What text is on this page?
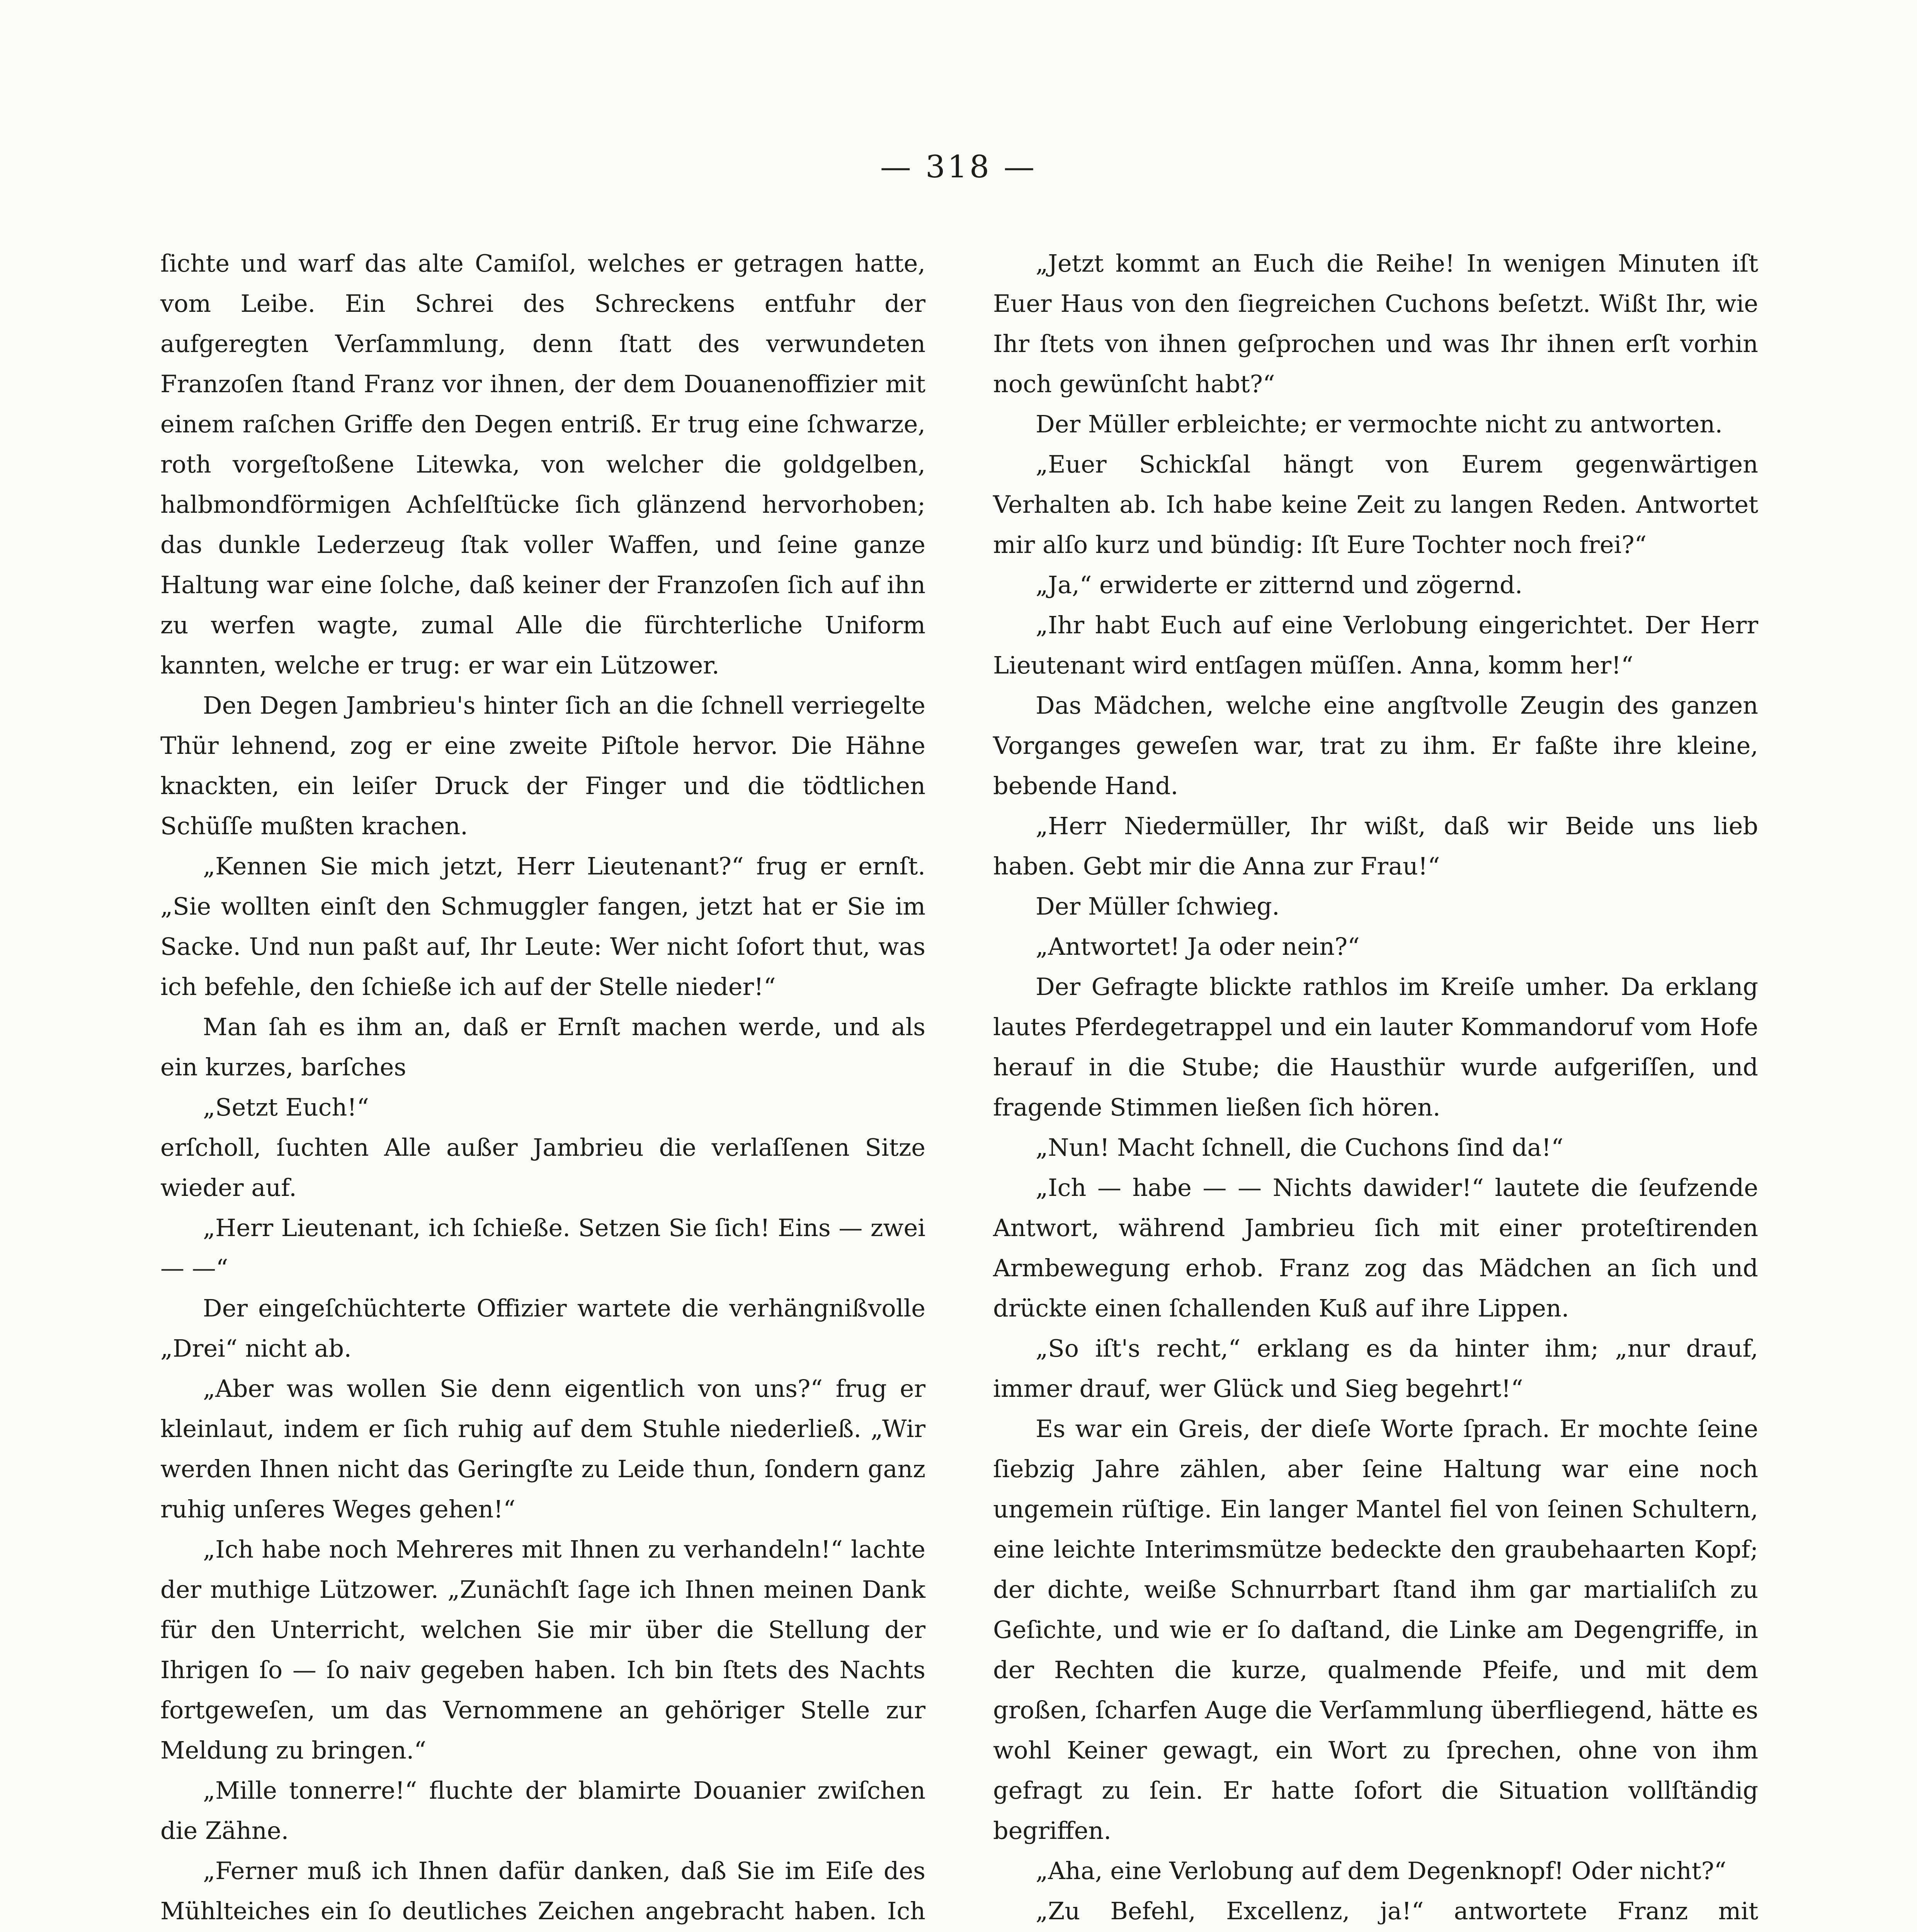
— 318 —

ſichte und warf das alte Camiſol, welches er getragen hatte, vom Leibe. Ein Schrei des Schreckens entfuhr der aufgeregten Verſammlung, denn ſtatt des verwundeten Franzoſen ſtand Franz vor ihnen, der dem Douanenoffizier mit einem raſchen Griffe den Degen entriß. Er trug eine ſchwarze, roth vorgeſtoßene Litewka, von welcher die goldgelben, halbmondförmigen Achſelſtücke ſich glänzend hervorhoben; das dunkle Lederzeug ſtak voller Waffen, und ſeine ganze Haltung war eine ſolche, daß keiner der Franzoſen ſich auf ihn zu werfen wagte, zumal Alle die fürchterliche Uniform kannten, welche er trug: er war ein Lützower.

Den Degen Jambrieu's hinter ſich an die ſchnell verriegelte Thür lehnend, zog er eine zweite Piſtole hervor. Die Hähne knackten, ein leiſer Druck der Finger und die tödtlichen Schüſſe mußten krachen.

„Kennen Sie mich jetzt, Herr Lieutenant?“ frug er ernſt. „Sie wollten einſt den Schmuggler fangen, jetzt hat er Sie im Sacke. Und nun paßt auf, Ihr Leute: Wer nicht ſofort thut, was ich befehle, den ſchieße ich auf der Stelle nieder!“

Man ſah es ihm an, daß er Ernſt machen werde, und als ein kurzes, barſches

„Setzt Euch!“

erſcholl, ſuchten Alle außer Jambrieu die verlaſſenen Sitze wieder auf.

„Herr Lieutenant, ich ſchieße. Setzen Sie ſich! Eins — zwei — —“

Der eingeſchüchterte Offizier wartete die verhängnißvolle „Drei“ nicht ab.

„Aber was wollen Sie denn eigentlich von uns?“ frug er kleinlaut, indem er ſich ruhig auf dem Stuhle niederließ. „Wir werden Ihnen nicht das Geringſte zu Leide thun, ſondern ganz ruhig unſeres Weges gehen!“

„Ich habe noch Mehreres mit Ihnen zu verhandeln!“ lachte der muthige Lützower. „Zunächſt ſage ich Ihnen meinen Dank für den Unterricht, welchen Sie mir über die Stellung der Ihrigen ſo — ſo naiv gegeben haben. Ich bin ſtets des Nachts fortgeweſen, um das Vernommene an gehöriger Stelle zur Meldung zu bringen.“

„Mille tonnerre!“ fluchte der blamirte Douanier zwiſchen die Zähne.

„Ferner muß ich Ihnen dafür danken, daß Sie im Eiſe des Mühlteiches ein ſo deutliches Zeichen angebracht haben. Ich

„Jetzt kommt an Euch die Reihe! In wenigen Minuten iſt Euer Haus von den ſiegreichen Cuchons beſetzt. Wißt Ihr, wie Ihr ſtets von ihnen geſprochen und was Ihr ihnen erſt vorhin noch gewünſcht habt?“

Der Müller erbleichte; er vermochte nicht zu antworten.

„Euer Schickſal hängt von Eurem gegenwärtigen Verhalten ab. Ich habe keine Zeit zu langen Reden. Antwortet mir alſo kurz und bündig: Iſt Eure Tochter noch frei?“

„Ja,“ erwiderte er zitternd und zögernd.

„Ihr habt Euch auf eine Verlobung eingerichtet. Der Herr Lieutenant wird entſagen müſſen. Anna, komm her!“

Das Mädchen, welche eine angſtvolle Zeugin des ganzen Vorganges geweſen war, trat zu ihm. Er faßte ihre kleine, bebende Hand.

„Herr Niedermüller, Ihr wißt, daß wir Beide uns lieb haben. Gebt mir die Anna zur Frau!“

Der Müller ſchwieg.

„Antwortet! Ja oder nein?“

Der Gefragte blickte rathlos im Kreiſe umher. Da erklang lautes Pferdegetrappel und ein lauter Kommandoruf vom Hofe herauf in die Stube; die Hausthür wurde aufgeriſſen, und fragende Stimmen ließen ſich hören.

„Nun! Macht ſchnell, die Cuchons ſind da!“

„Ich — habe — — Nichts dawider!“ lautete die ſeufzende Antwort, während Jambrieu ſich mit einer proteſtirenden Armbewegung erhob. Franz zog das Mädchen an ſich und drückte einen ſchallenden Kuß auf ihre Lippen.

„So iſt's recht,“ erklang es da hinter ihm; „nur drauf, immer drauf, wer Glück und Sieg begehrt!“

Es war ein Greis, der dieſe Worte ſprach. Er mochte ſeine ſiebzig Jahre zählen, aber ſeine Haltung war eine noch ungemein rüſtige. Ein langer Mantel fiel von ſeinen Schultern, eine leichte Interimsmütze bedeckte den graubehaarten Kopf; der dichte, weiße Schnurrbart ſtand ihm gar martialiſch zu Geſichte, und wie er ſo daſtand, die Linke am Degengriffe, in der Rechten die kurze, qualmende Pfeife, und mit dem großen, ſcharfen Auge die Verſammlung überfliegend, hätte es wohl Keiner gewagt, ein Wort zu ſprechen, ohne von ihm gefragt zu ſein. Er hatte ſofort die Situation vollſtändig begriffen.

„Aha, eine Verlobung auf dem Degenknopf! Oder nicht?“

„Zu Befehl, Excellenz, ja!“ antwortete Franz mit
